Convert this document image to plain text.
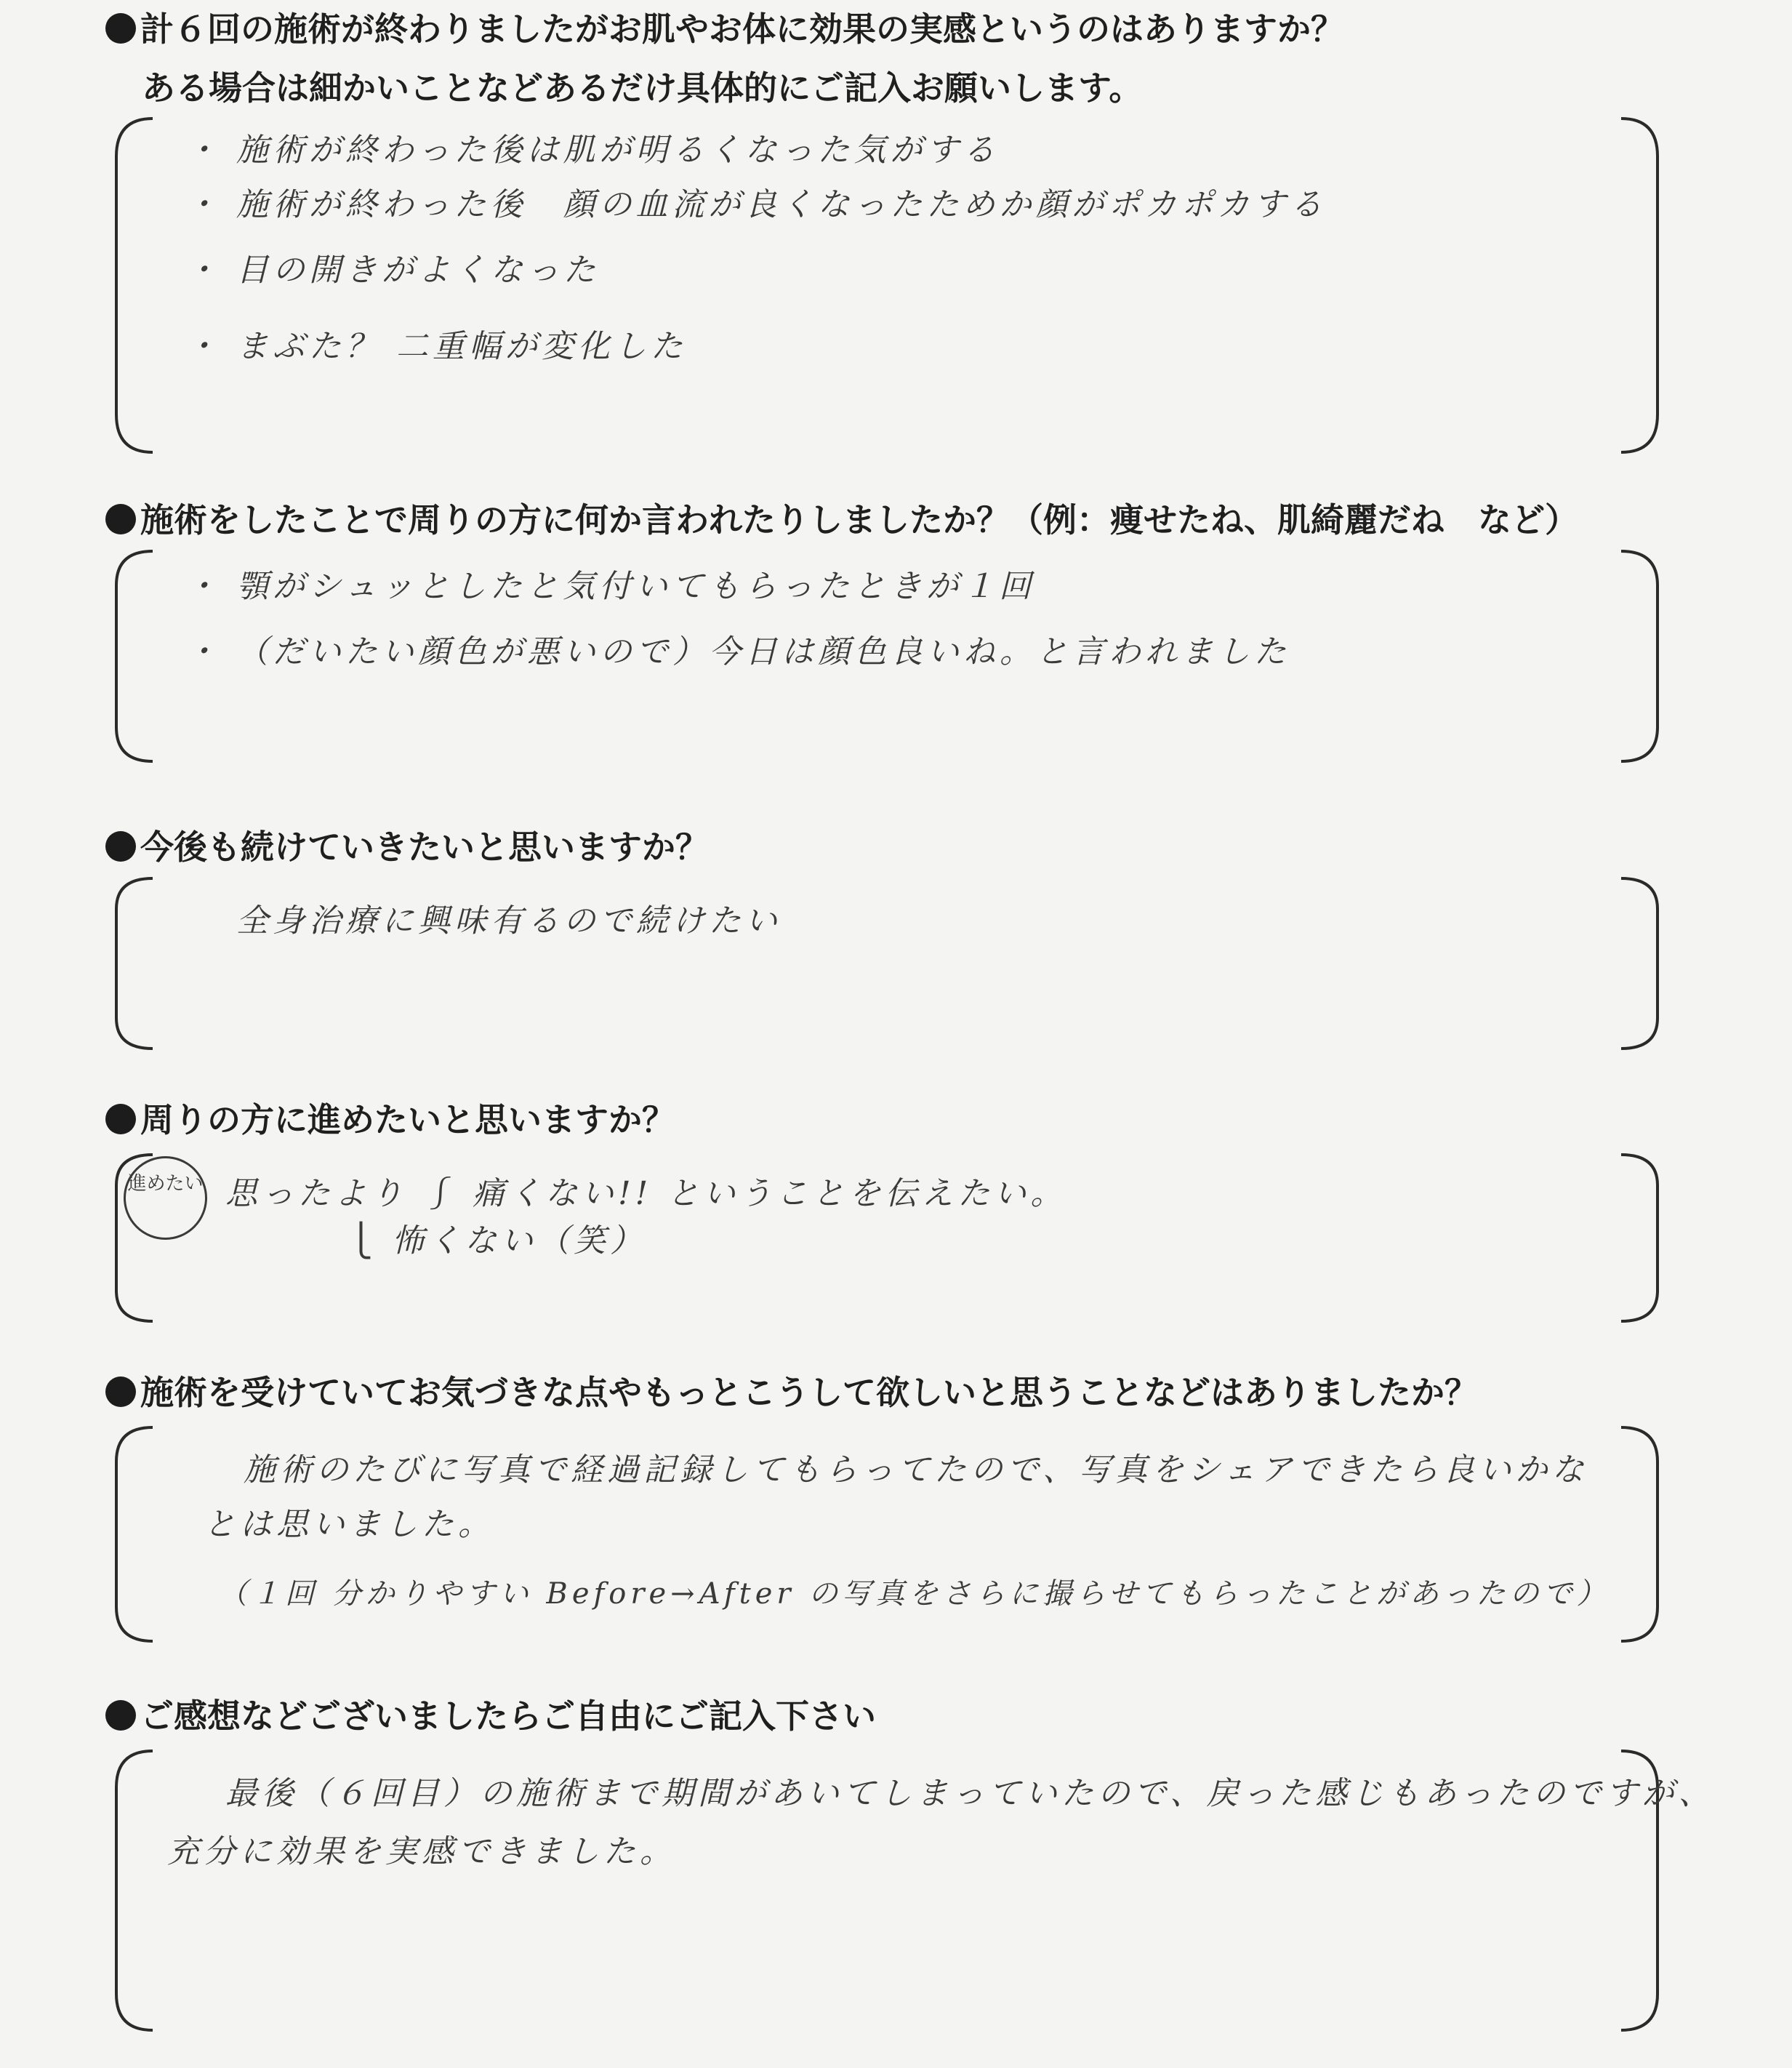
計６回の施術が終わりましたがお肌やお体に効果の実感というのはありますか？
ある場合は細かいことなどあるだけ具体的にご記入お願いします。
・ 施術が終わった後は肌が明るくなった気がする
・ 施術が終わった後　顔の血流が良くなったためか顔がポカポカする
・ 目の開きがよくなった
・ まぶた？ 二重幅が変化した
施術をしたことで周りの方に何か言われたりしましたか？（例：痩せたね、肌綺麗だね　など）
・ 顎がシュッとしたと気付いてもらったときが１回
・ （だいたい顔色が悪いので）今日は顔色良いね。と言われました
今後も続けていきたいと思いますか？
全身治療に興味有るので続けたい
周りの方に進めたいと思いますか？
進めたい 思ったより ⎰ 痛くない!! ということを伝えたい。
⎩ 怖くない（笑）
施術を受けていてお気づきな点やもっとこうして欲しいと思うことなどはありましたか？
施術のたびに写真で経過記録してもらってたので、写真をシェアできたら良いかな
とは思いました。
（１回 分かりやすい Before→After の写真をさらに撮らせてもらったことがあったので）
ご感想などございましたらご自由にご記入下さい
最後（６回目）の施術まで期間があいてしまっていたので、戻った感じもあったのですが、
充分に効果を実感できました。
